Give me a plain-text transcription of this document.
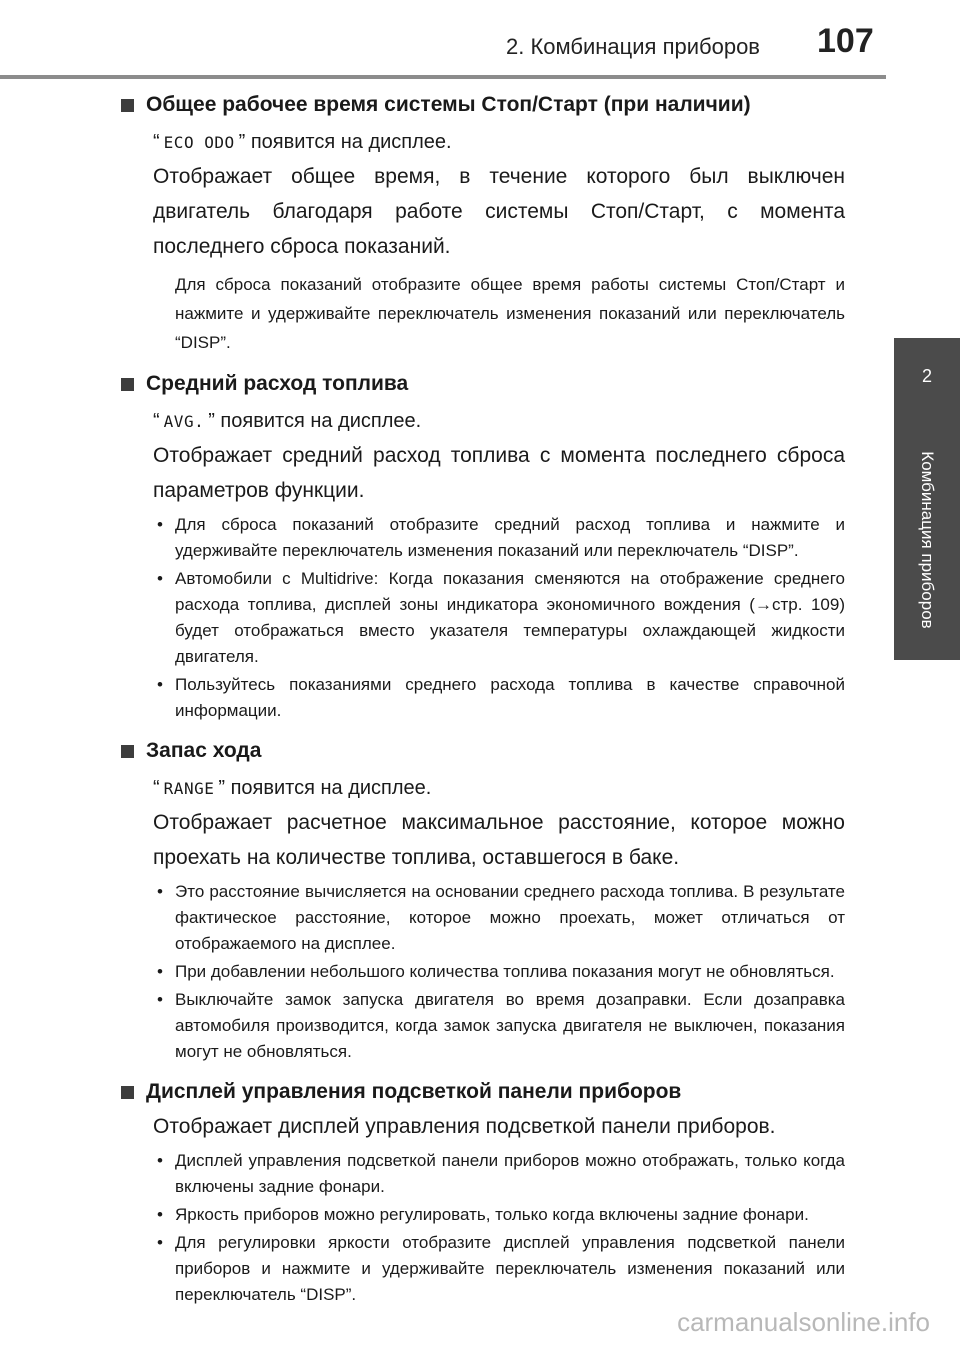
2. Комбинация приборов 107
2
Комбинация приборов
Общее рабочее время системы Стоп/Старт (при наличии)
“ ECO ODO ” появится на дисплее.
Отображает общее время, в течение которого был выключен двигатель благодаря работе системы Стоп/Старт, с момента последнего сброса показаний.
Для сброса показаний отобразите общее время работы системы Стоп/Старт и нажмите и удерживайте переключатель изменения показаний или переключатель “DISP”.
Средний расход топлива
“ AVG. ” появится на дисплее.
Отображает средний расход топлива с момента последнего сброса параметров функции.
• Для сброса показаний отобразите средний расход топлива и нажмите и удерживайте переключатель изменения показаний или переключатель “DISP”.
• Автомобили с Multidrive: Когда показания сменяются на отображение среднего расхода топлива, дисплей зоны индикатора экономичного вождения (→стр. 109) будет отображаться вместо указателя температуры охлаждающей жидкости двигателя.
• Пользуйтесь показаниями среднего расхода топлива в качестве справочной информации.
Запас хода
“ RANGE ” появится на дисплее.
Отображает расчетное максимальное расстояние, которое можно проехать на количестве топлива, оставшегося в баке.
• Это расстояние вычисляется на основании среднего расхода топлива. В результате фактическое расстояние, которое можно проехать, может отличаться от отображаемого на дисплее.
• При добавлении небольшого количества топлива показания могут не обновляться.
• Выключайте замок запуска двигателя во время дозаправки. Если дозаправка автомобиля производится, когда замок запуска двигателя не выключен, показания могут не обновляться.
Дисплей управления подсветкой панели приборов
Отображает дисплей управления подсветкой панели приборов.
• Дисплей управления подсветкой панели приборов можно отображать, только когда включены задние фонари.
• Яркость приборов можно регулировать, только когда включены задние фонари.
• Для регулировки яркости отобразите дисплей управления подсветкой панели приборов и нажмите и удерживайте переключатель изменения показаний или переключатель “DISP”.
carmanualsonline.info
